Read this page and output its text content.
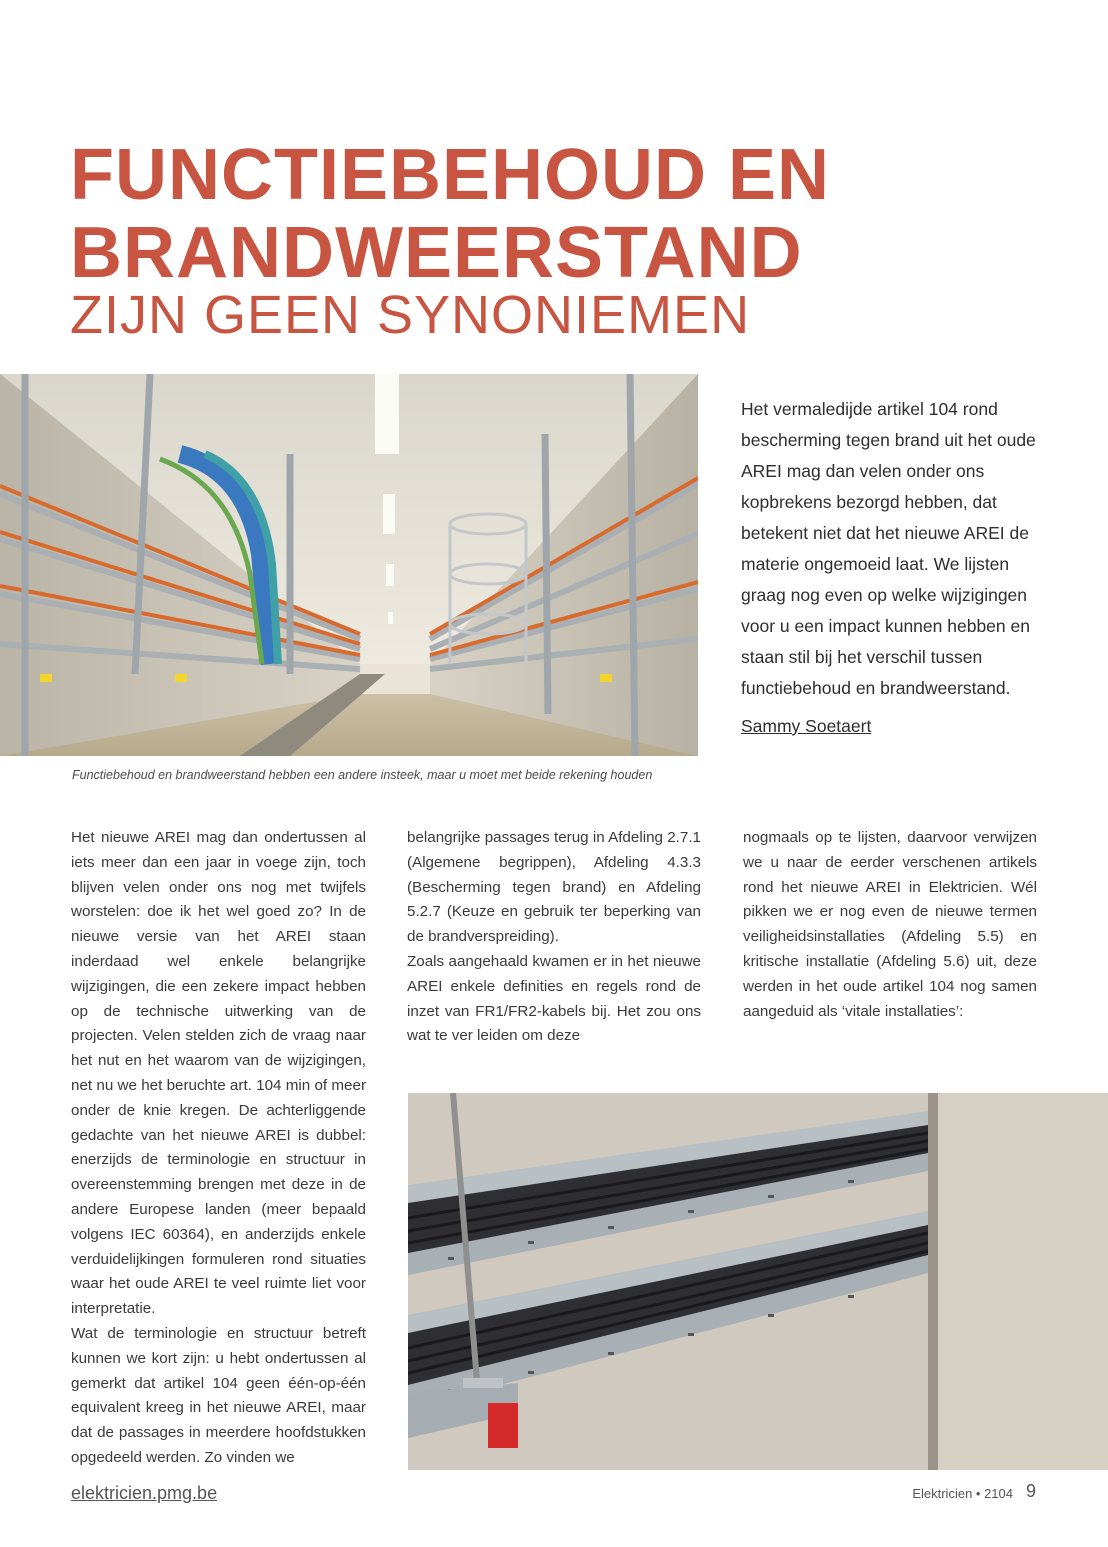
FUNCTIEBEHOUD EN
BRANDWEERSTAND
ZIJN GEEN SYNONIEMEN
Functiebehoud en brandweerstand hebben een andere insteek, maar u moet met beide rekening houden
Het vermaledijde artikel 104 rond bescherming tegen brand uit het oude AREI mag dan velen onder ons kopbrekens bezorgd hebben, dat betekent niet dat het nieuwe AREI de materie ongemoeid laat. We lijsten graag nog even op welke wijzigingen voor u een impact kunnen hebben en staan stil bij het verschil tussen functiebehoud en brandweerstand.
Sammy Soetaert

Het nieuwe AREI mag dan ondertussen al iets meer dan een jaar in voege zijn, toch blijven velen onder ons nog met twijfels worstelen: doe ik het wel goed zo? In de nieuwe versie van het AREI staan inderdaad wel enkele belangrijke wijzigingen, die een zekere impact hebben op de technische uitwerking van de projecten. Velen stelden zich de vraag naar het nut en het waarom van de wijzigingen, net nu we het beruchte art. 104 min of meer onder de knie kregen. De achterliggende gedachte van het nieuwe AREI is dubbel: enerzijds de terminologie en structuur in overeenstemming brengen met deze in de andere Europese landen (meer bepaald volgens IEC 60364), en anderzijds enkele verduidelijkingen formuleren rond situaties waar het oude AREI te veel ruimte liet voor interpretatie.

Wat de terminologie en structuur betreft kunnen we kort zijn: u hebt ondertussen al gemerkt dat artikel 104 geen één-op-één equivalent kreeg in het nieuwe AREI, maar dat de passages in meerdere hoofdstukken opgedeeld werden. Zo vinden we

belangrijke passages terug in Afdeling 2.7.1 (Algemene begrippen), Afdeling 4.3.3 (Bescherming tegen brand) en Afdeling 5.2.7 (Keuze en gebruik ter beperking van de brandverspreiding).

Zoals aangehaald kwamen er in het nieuwe AREI enkele definities en regels rond de inzet van FR1/FR2-kabels bij. Het zou ons wat te ver leiden om deze

nogmaals op te lijsten, daarvoor verwijzen we u naar de eerder verschenen artikels rond het nieuwe AREI in Elektricien. Wél pikken we er nog even de nieuwe termen veiligheidsinstallaties (Afdeling 5.5) en kritische installatie (Afdeling 5.6) uit, deze werden in het oude artikel 104 nog samen aangeduid als ‘vitale installaties’:

elektricien.pmg.be	Elektricien • 2104 9
